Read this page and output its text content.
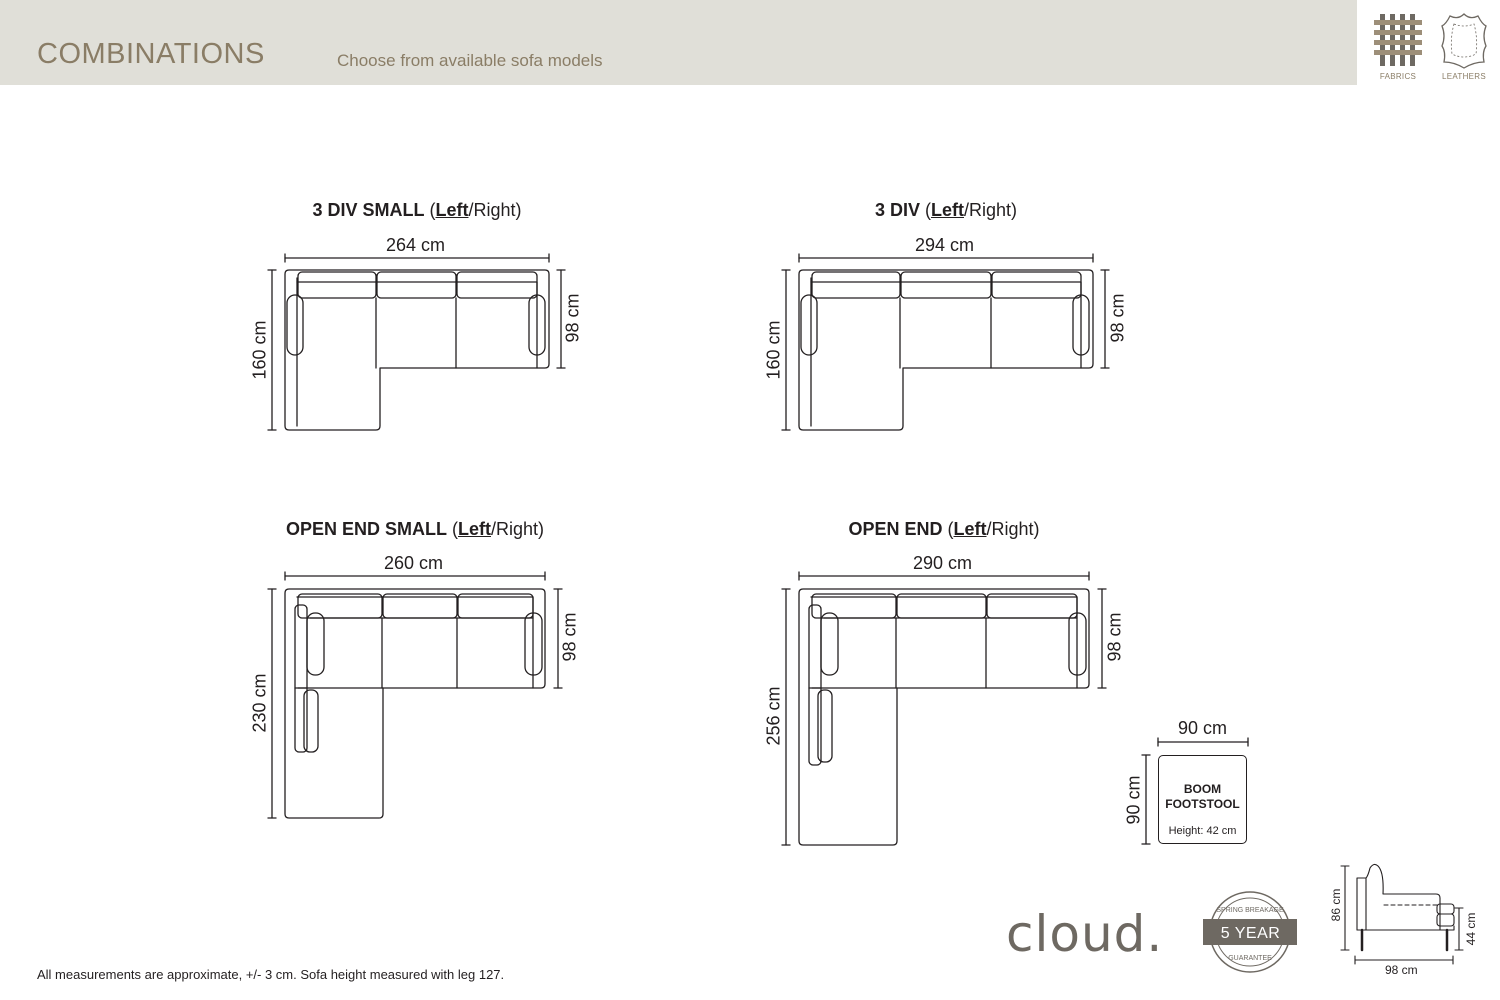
COMBINATIONS	Choose from available sofa models
FABRICS	LEATHERS
3 DIV SMALL (Left/Right)	3 DIV (Left/Right)
OPEN END SMALL (Left/Right)	OPEN END (Left/Right)
264 cm
160 cm
98 cm
294 cm
160 cm
98 cm
260 cm
230 cm
98 cm
290 cm
256 cm
98 cm
90 cm
90 cm
SPRING BREAKAGE
GUARANTEE
BOOM
FOOTSTOOL
Height: 42 cm
86 cm
44 cm
98 cm
cloud.	5 YEAR
All measurements are approximate, +/- 3 cm. Sofa height measured with leg 127.
